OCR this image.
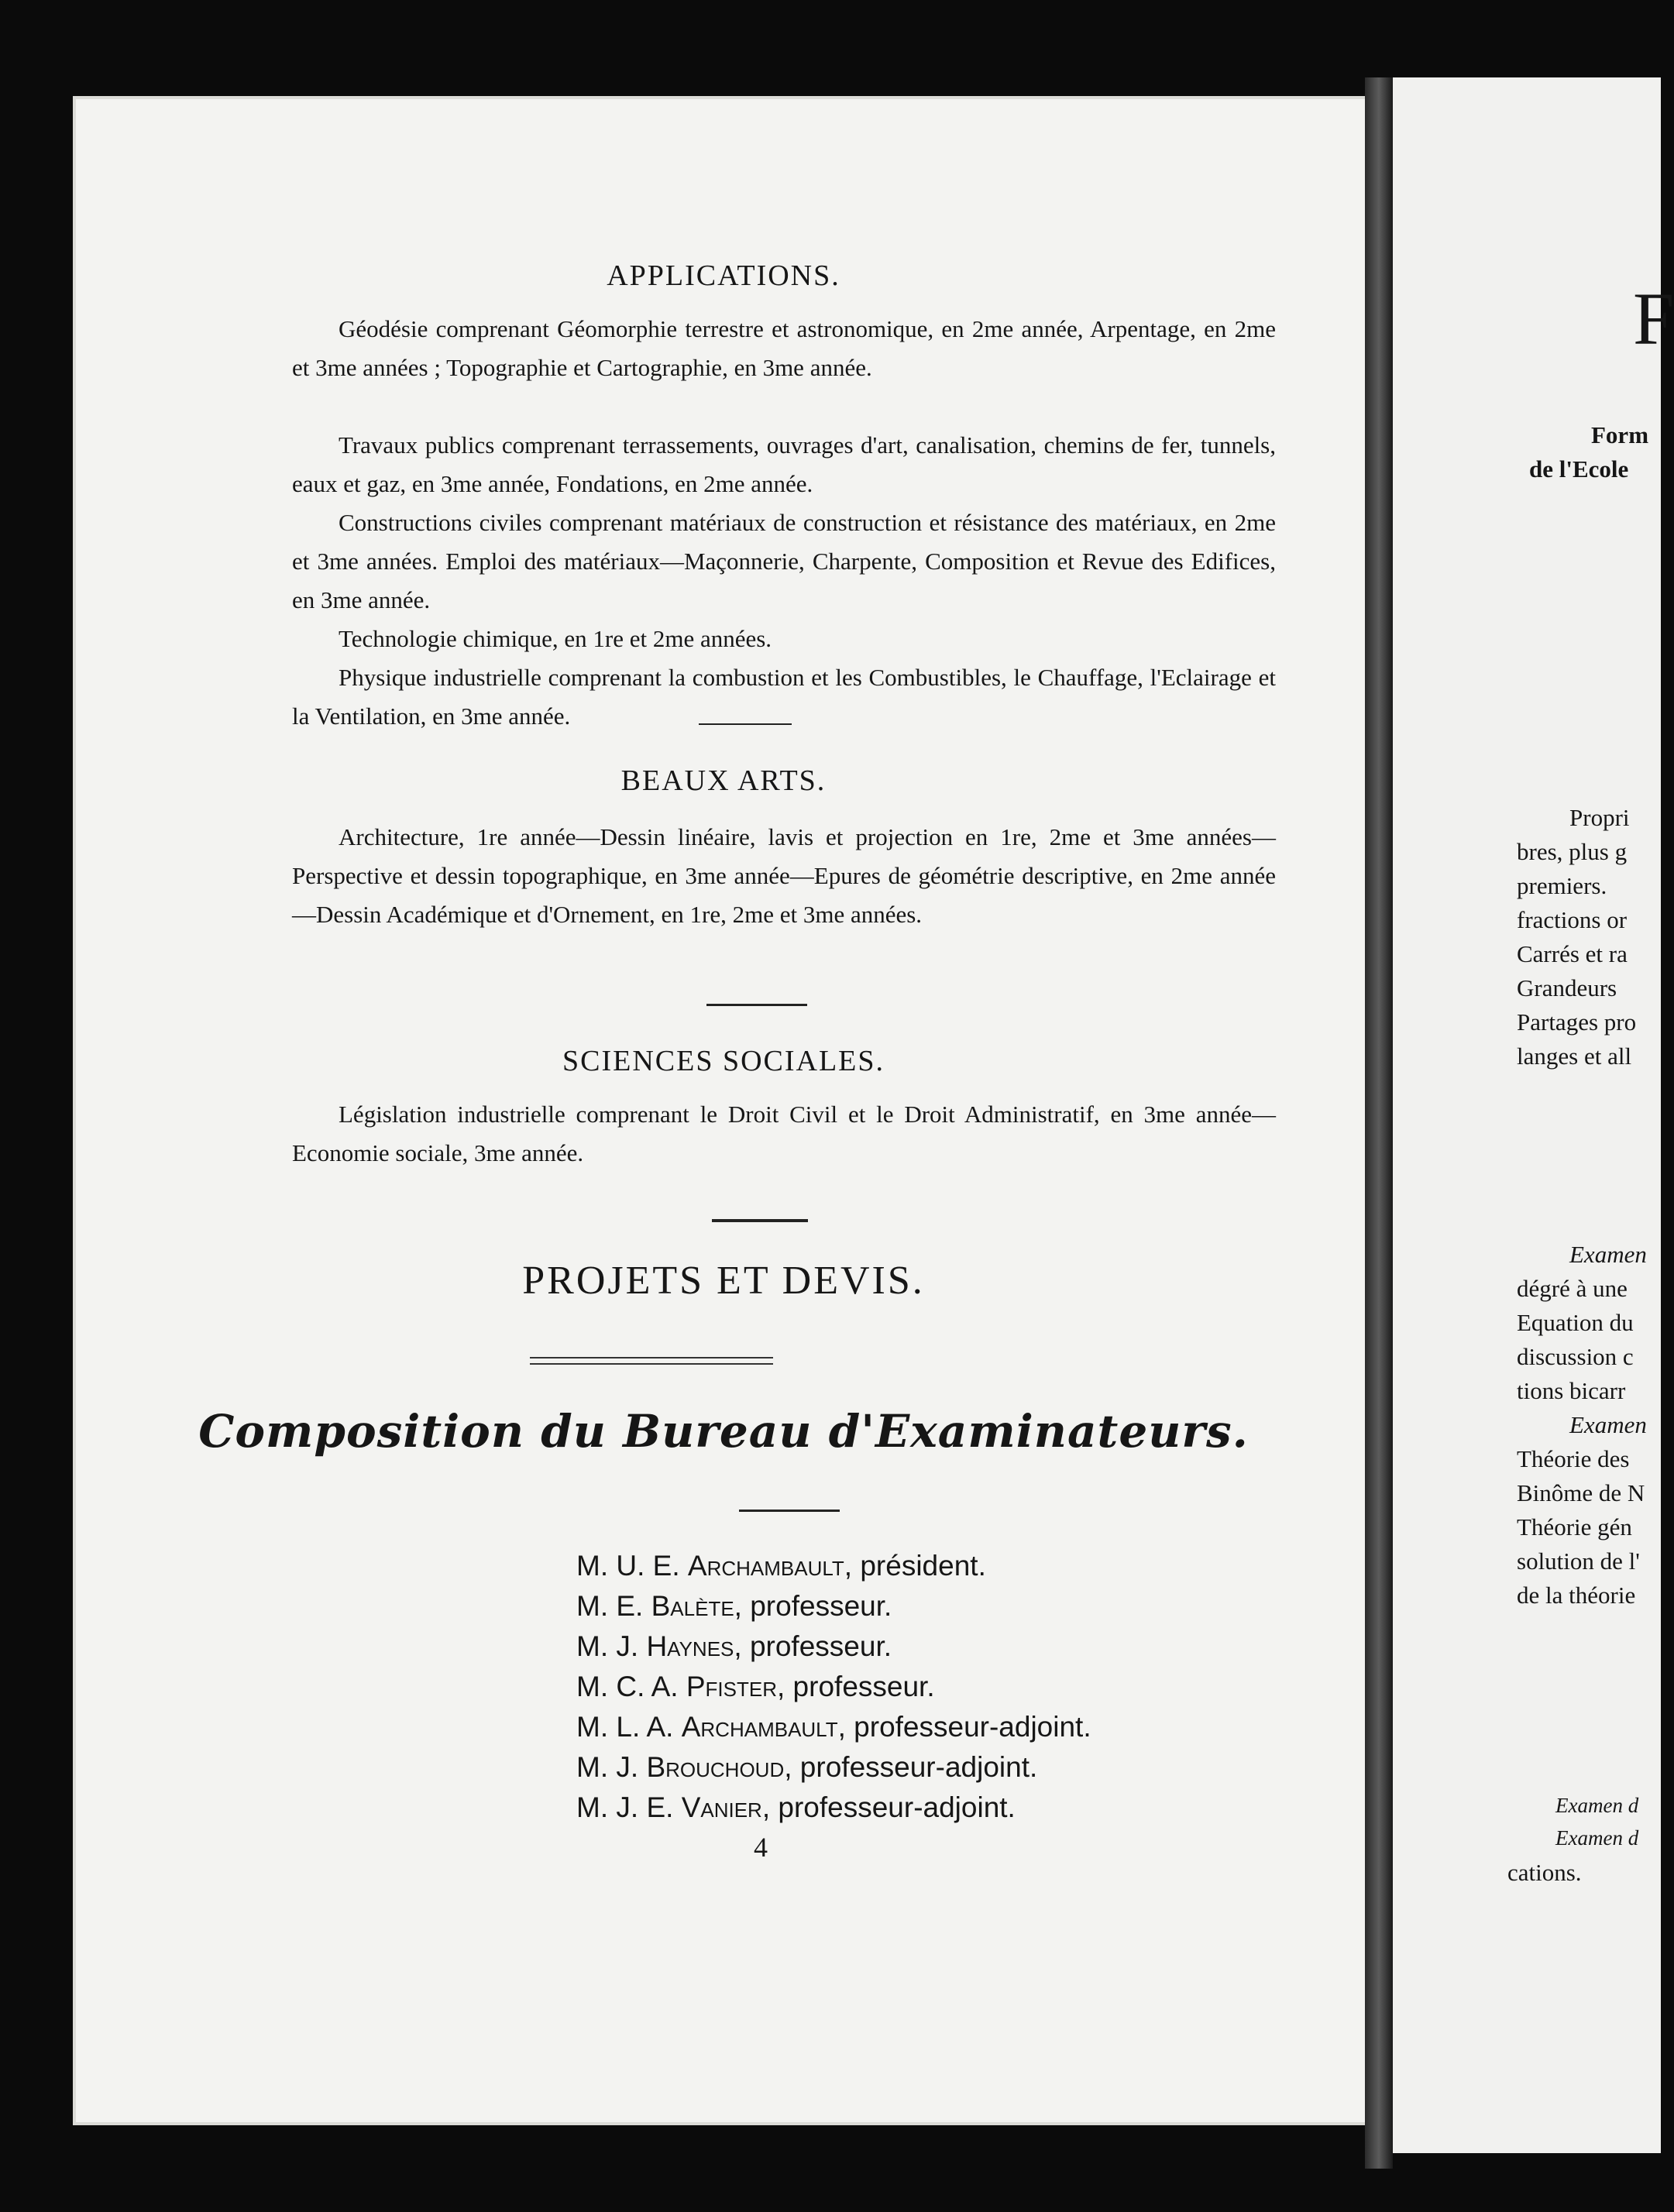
APPLICATIONS.
Géodésie comprenant Géomorphie terrestre et astronomique, en 2me année, Arpentage, en 2me et 3me années ; Topographie et Cartographie, en 3me année.
Travaux publics comprenant terrassements, ouvrages d'art, canalisation, chemins de fer, tunnels, eaux et gaz, en 3me année, Fondations, en 2me année.
Constructions civiles comprenant matériaux de construction et résistance des matériaux, en 2me et 3me années. Emploi des matériaux—Maçonnerie, Charpente, Composition et Revue des Edifices, en 3me année.
Technologie chimique, en 1re et 2me années.
Physique industrielle comprenant la combustion et les Combustibles, le Chauffage, l'Eclairage et la Ventilation, en 3me année.
BEAUX ARTS.
Architecture, 1re année—Dessin linéaire, lavis et projection en 1re, 2me et 3me années—Perspective et dessin topographique, en 3me année—Epures de géométrie descriptive, en 2me année—Dessin Académique et d'Ornement, en 1re, 2me et 3me années.
SCIENCES SOCIALES.
Législation industrielle comprenant le Droit Civil et le Droit Administratif, en 3me année—Economie sociale, 3me année.
PROJETS ET DEVIS.
Composition du Bureau d'Examinateurs.
M. U. E. Archambault, président.
M. E. Balète, professeur.
M. J. Haynes, professeur.
M. C. A. Pfister, professeur.
M. L. A. Archambault, professeur-adjoint.
M. J. Brouchoud, professeur-adjoint.
M. J. E. Vanier, professeur-adjoint.
4
F
Form
de l'Ecole
Propri
bres, plus g
premiers.
fractions or
Carrés et ra
Grandeurs
Partages pro
langes et all
Examen
dégré à une
Equation du
discussion c
tions bicarr
Examen
Théorie des
Binôme de N
Théorie gén
solution de l'
de la théorie
Examen d
Examen d
cations.
